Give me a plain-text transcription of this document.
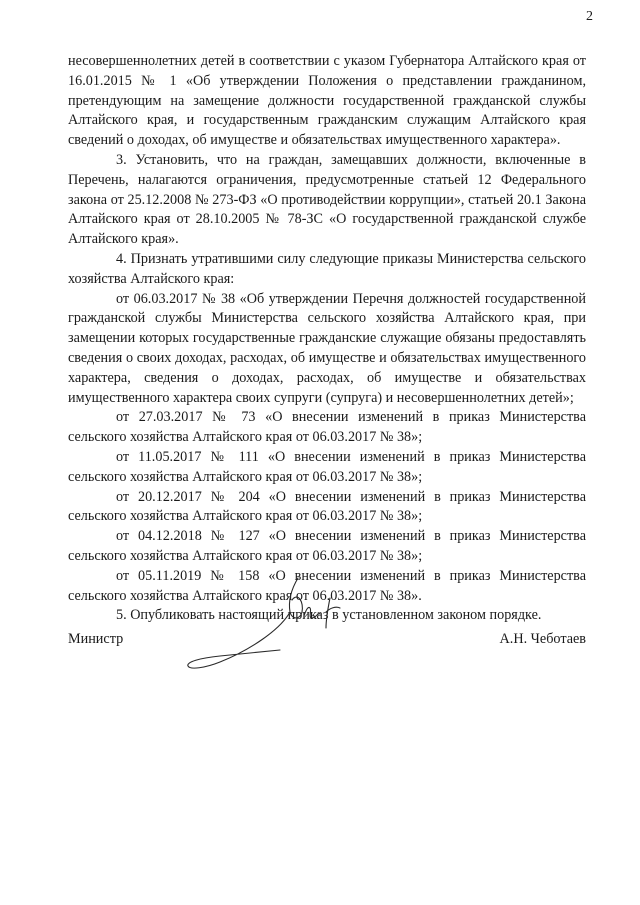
2

несовершеннолетних детей в соответствии с указом Губернатора Алтайского края от 16.01.2015 № 1 «Об утверждении Положения о представлении гражданином, претендующим на замещение должности государственной гражданской службы Алтайского края, и государственным гражданским служащим Алтайского края сведений о доходах, об имуществе и обязательствах имущественного характера».

3. Установить, что на граждан, замещавших должности, включенные в Перечень, налагаются ограничения, предусмотренные статьей 12 Федерального закона от 25.12.2008 № 273-ФЗ «О противодействии коррупции», статьей 20.1 Закона Алтайского края от 28.10.2005 № 78-ЗС «О государственной гражданской службе Алтайского края».

4. Признать утратившими силу следующие приказы Министерства сельского хозяйства Алтайского края:

от 06.03.2017 № 38 «Об утверждении Перечня должностей государственной гражданской службы Министерства сельского хозяйства Алтайского края, при замещении которых государственные гражданские служащие обязаны предоставлять сведения о своих доходах, расходах, об имуществе и обязательствах имущественного характера, сведения о доходах, расходах, об имуществе и обязательствах имущественного характера своих супруги (супруга) и несовершеннолетних детей»;

от 27.03.2017 № 73 «О внесении изменений в приказ Министерства сельского хозяйства Алтайского края от 06.03.2017 № 38»;

от 11.05.2017 № 111 «О внесении изменений в приказ Министерства сельского хозяйства Алтайского края от 06.03.2017 № 38»;

от 20.12.2017 № 204 «О внесении изменений в приказ Министерства сельского хозяйства Алтайского края от 06.03.2017 № 38»;

от 04.12.2018 № 127 «О внесении изменений в приказ Министерства сельского хозяйства Алтайского края от 06.03.2017 № 38»;

от 05.11.2019 № 158 «О внесении изменений в приказ Министерства сельского хозяйства Алтайского края от 06.03.2017 № 38».

5. Опубликовать настоящий приказ в установленном законом порядке.

Министр	А.Н. Чеботаев
